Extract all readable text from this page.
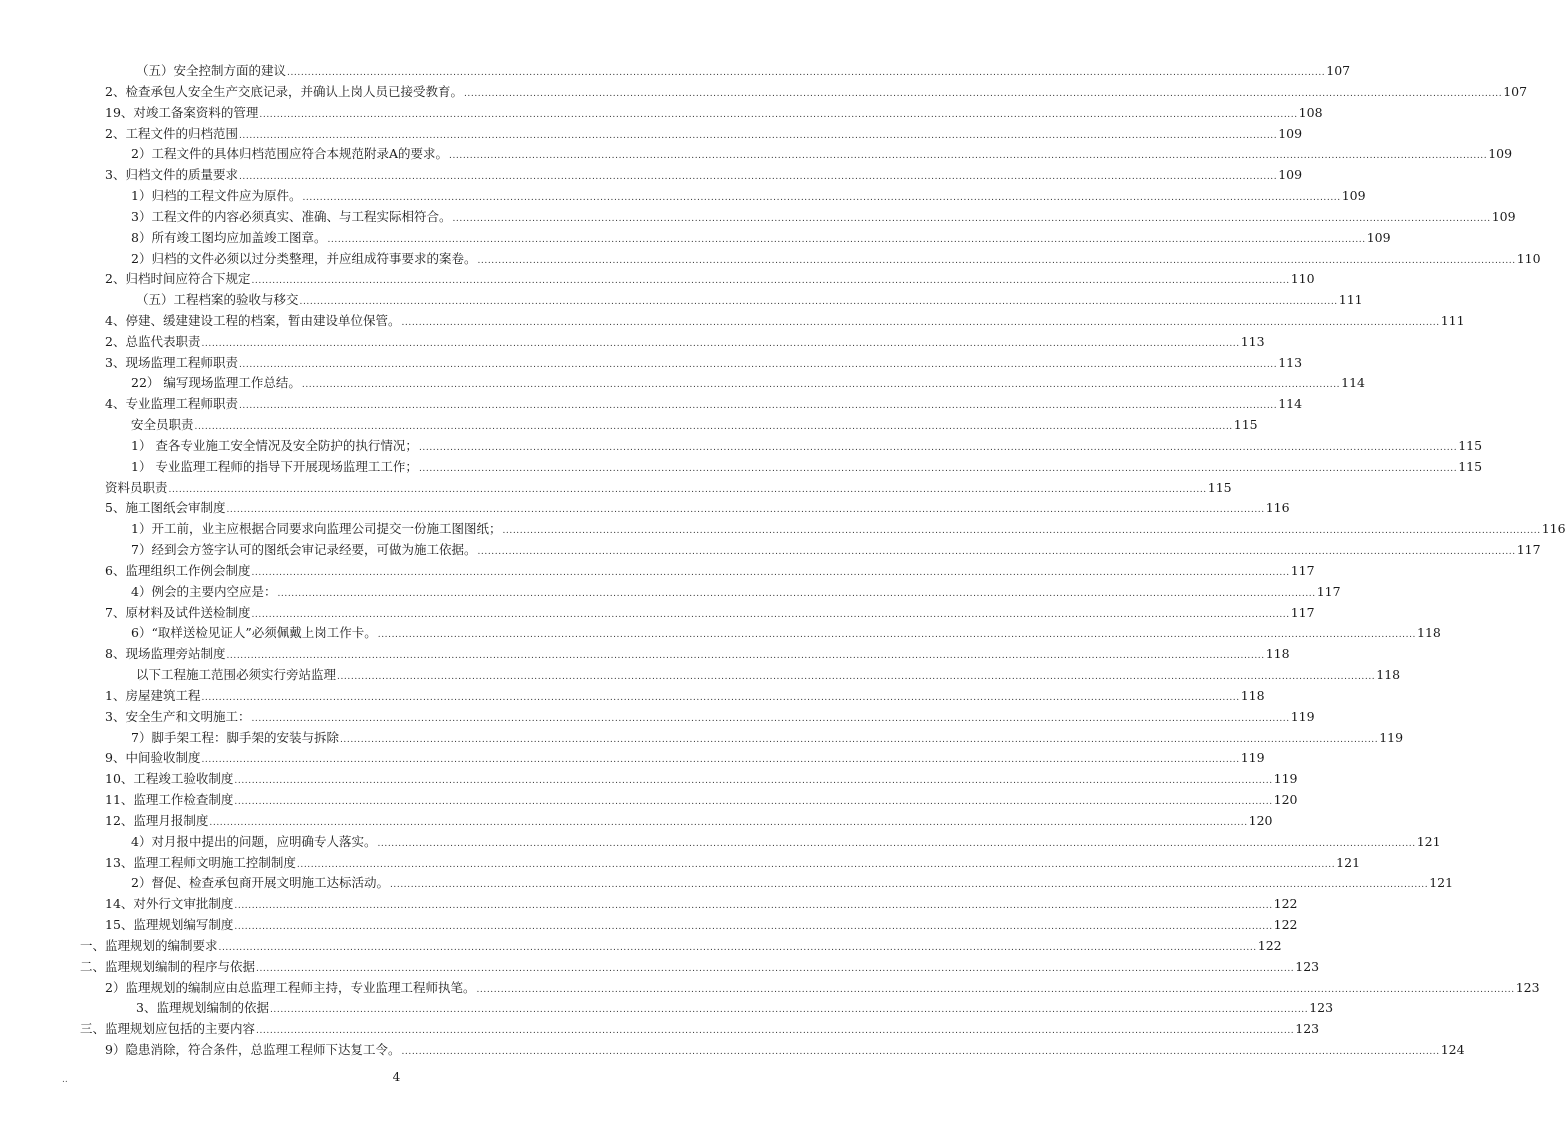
（五）安全控制方面的建议 ............................................................................................................................................................................................................................................................................................................ 107
2、检查承包人安全生产交底记录，并确认上岗人员已接受教育。 ............................................................................................................................................................................................................................................................................................................ 107
19、对竣工备案资料的管理 ............................................................................................................................................................................................................................................................................................................ 108
2、工程文件的归档范围 ............................................................................................................................................................................................................................................................................................................ 109
2）工程文件的具体归档范围应符合本规范附录A的要求。 ............................................................................................................................................................................................................................................................................................................ 109
3、归档文件的质量要求 ............................................................................................................................................................................................................................................................................................................ 109
1）归档的工程文件应为原件。 ............................................................................................................................................................................................................................................................................................................ 109
3）工程文件的内容必须真实、准确、与工程实际相符合。 ............................................................................................................................................................................................................................................................................................................ 109
8）所有竣工图均应加盖竣工图章。 ............................................................................................................................................................................................................................................................................................................ 109
2）归档的文件必须以过分类整理，并应组成符事要求的案卷。 ............................................................................................................................................................................................................................................................................................................ 110
2、归档时间应符合下规定 ............................................................................................................................................................................................................................................................................................................ 110
（五）工程档案的验收与移交 ............................................................................................................................................................................................................................................................................................................ 111
4、停建、缓建建设工程的档案，暂由建设单位保管。 ............................................................................................................................................................................................................................................................................................................ 111
2、总监代表职责 ............................................................................................................................................................................................................................................................................................................ 113
3、现场监理工程师职责 ............................................................................................................................................................................................................................................................................................................ 113
22） 编写现场监理工作总结。 ............................................................................................................................................................................................................................................................................................................ 114
4、专业监理工程师职责 ............................................................................................................................................................................................................................................................................................................ 114
安全员职责 ............................................................................................................................................................................................................................................................................................................ 115
1） 查各专业施工安全情况及安全防护的执行情况； ............................................................................................................................................................................................................................................................................................................ 115
1） 专业监理工程师的指导下开展现场监理工工作； ............................................................................................................................................................................................................................................................................................................ 115
资料员职责 ............................................................................................................................................................................................................................................................................................................ 115
5、施工图纸会审制度 ............................................................................................................................................................................................................................................................................................................ 116
1）开工前，业主应根据合同要求向监理公司提交一份施工图图纸； ............................................................................................................................................................................................................................................................................................................ 116
7）经到会方签字认可的图纸会审记录经要，可做为施工依据。 ............................................................................................................................................................................................................................................................................................................ 117
6、监理组织工作例会制度 ............................................................................................................................................................................................................................................................................................................ 117
4）例会的主要内空应是： ............................................................................................................................................................................................................................................................................................................ 117
7、原材料及试件送检制度 ............................................................................................................................................................................................................................................................................................................ 117
6）“取样送检见证人”必须佩戴上岗工作卡。 ............................................................................................................................................................................................................................................................................................................ 118
8、现场监理旁站制度 ............................................................................................................................................................................................................................................................................................................ 118
以下工程施工范围必须实行旁站监理 ............................................................................................................................................................................................................................................................................................................ 118
1、房屋建筑工程 ............................................................................................................................................................................................................................................................................................................ 118
3、安全生产和文明施工： ............................................................................................................................................................................................................................................................................................................ 119
7）脚手架工程：脚手架的安装与拆除 ............................................................................................................................................................................................................................................................................................................ 119
9、中间验收制度 ............................................................................................................................................................................................................................................................................................................ 119
10、工程竣工验收制度 ............................................................................................................................................................................................................................................................................................................ 119
11、监理工作检查制度 ............................................................................................................................................................................................................................................................................................................ 120
12、监理月报制度 ............................................................................................................................................................................................................................................................................................................ 120
4）对月报中提出的问题，应明确专人落实。 ............................................................................................................................................................................................................................................................................................................ 121
13、监理工程师文明施工控制制度 ............................................................................................................................................................................................................................................................................................................ 121
2）督促、检查承包商开展文明施工达标活动。 ............................................................................................................................................................................................................................................................................................................ 121
14、对外行文审批制度 ............................................................................................................................................................................................................................................................................................................ 122
15、监理规划编写制度 ............................................................................................................................................................................................................................................................................................................ 122
一、监理规划的编制要求 ............................................................................................................................................................................................................................................................................................................ 122
二、监理规划编制的程序与依据 ............................................................................................................................................................................................................................................................................................................ 123
2）监理规划的编制应由总监理工程师主持，专业监理工程师执笔。 ............................................................................................................................................................................................................................................................................................................ 123
3、监理规划编制的依据 ............................................................................................................................................................................................................................................................................................................ 123
三、监理规划应包括的主要内容 ............................................................................................................................................................................................................................................................................................................ 123
9）隐患消除，符合条件，总监理工程师下达复工令。 ............................................................................................................................................................................................................................................................................................................ 124
..	4
